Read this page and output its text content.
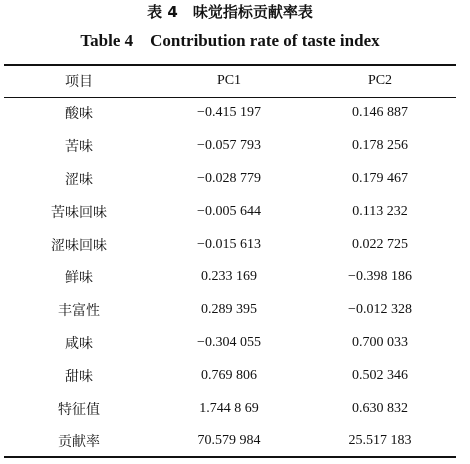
表 4　味觉指标贡献率表
Table 4　Contribution rate of taste index
项目	PC1	PC2
酸味	−0.415 197	0.146 887
苦味	−0.057 793	0.178 256
涩味	−0.028 779	0.179 467
苦味回味	−0.005 644	0.113 232
涩味回味	−0.015 613	0.022 725
鲜味	0.233 169	−0.398 186
丰富性	0.289 395	−0.012 328
咸味	−0.304 055	0.700 033
甜味	0.769 806	0.502 346
特征值	1.744 8 69	0.630 832
贡献率	70.579 984	25.517 183
